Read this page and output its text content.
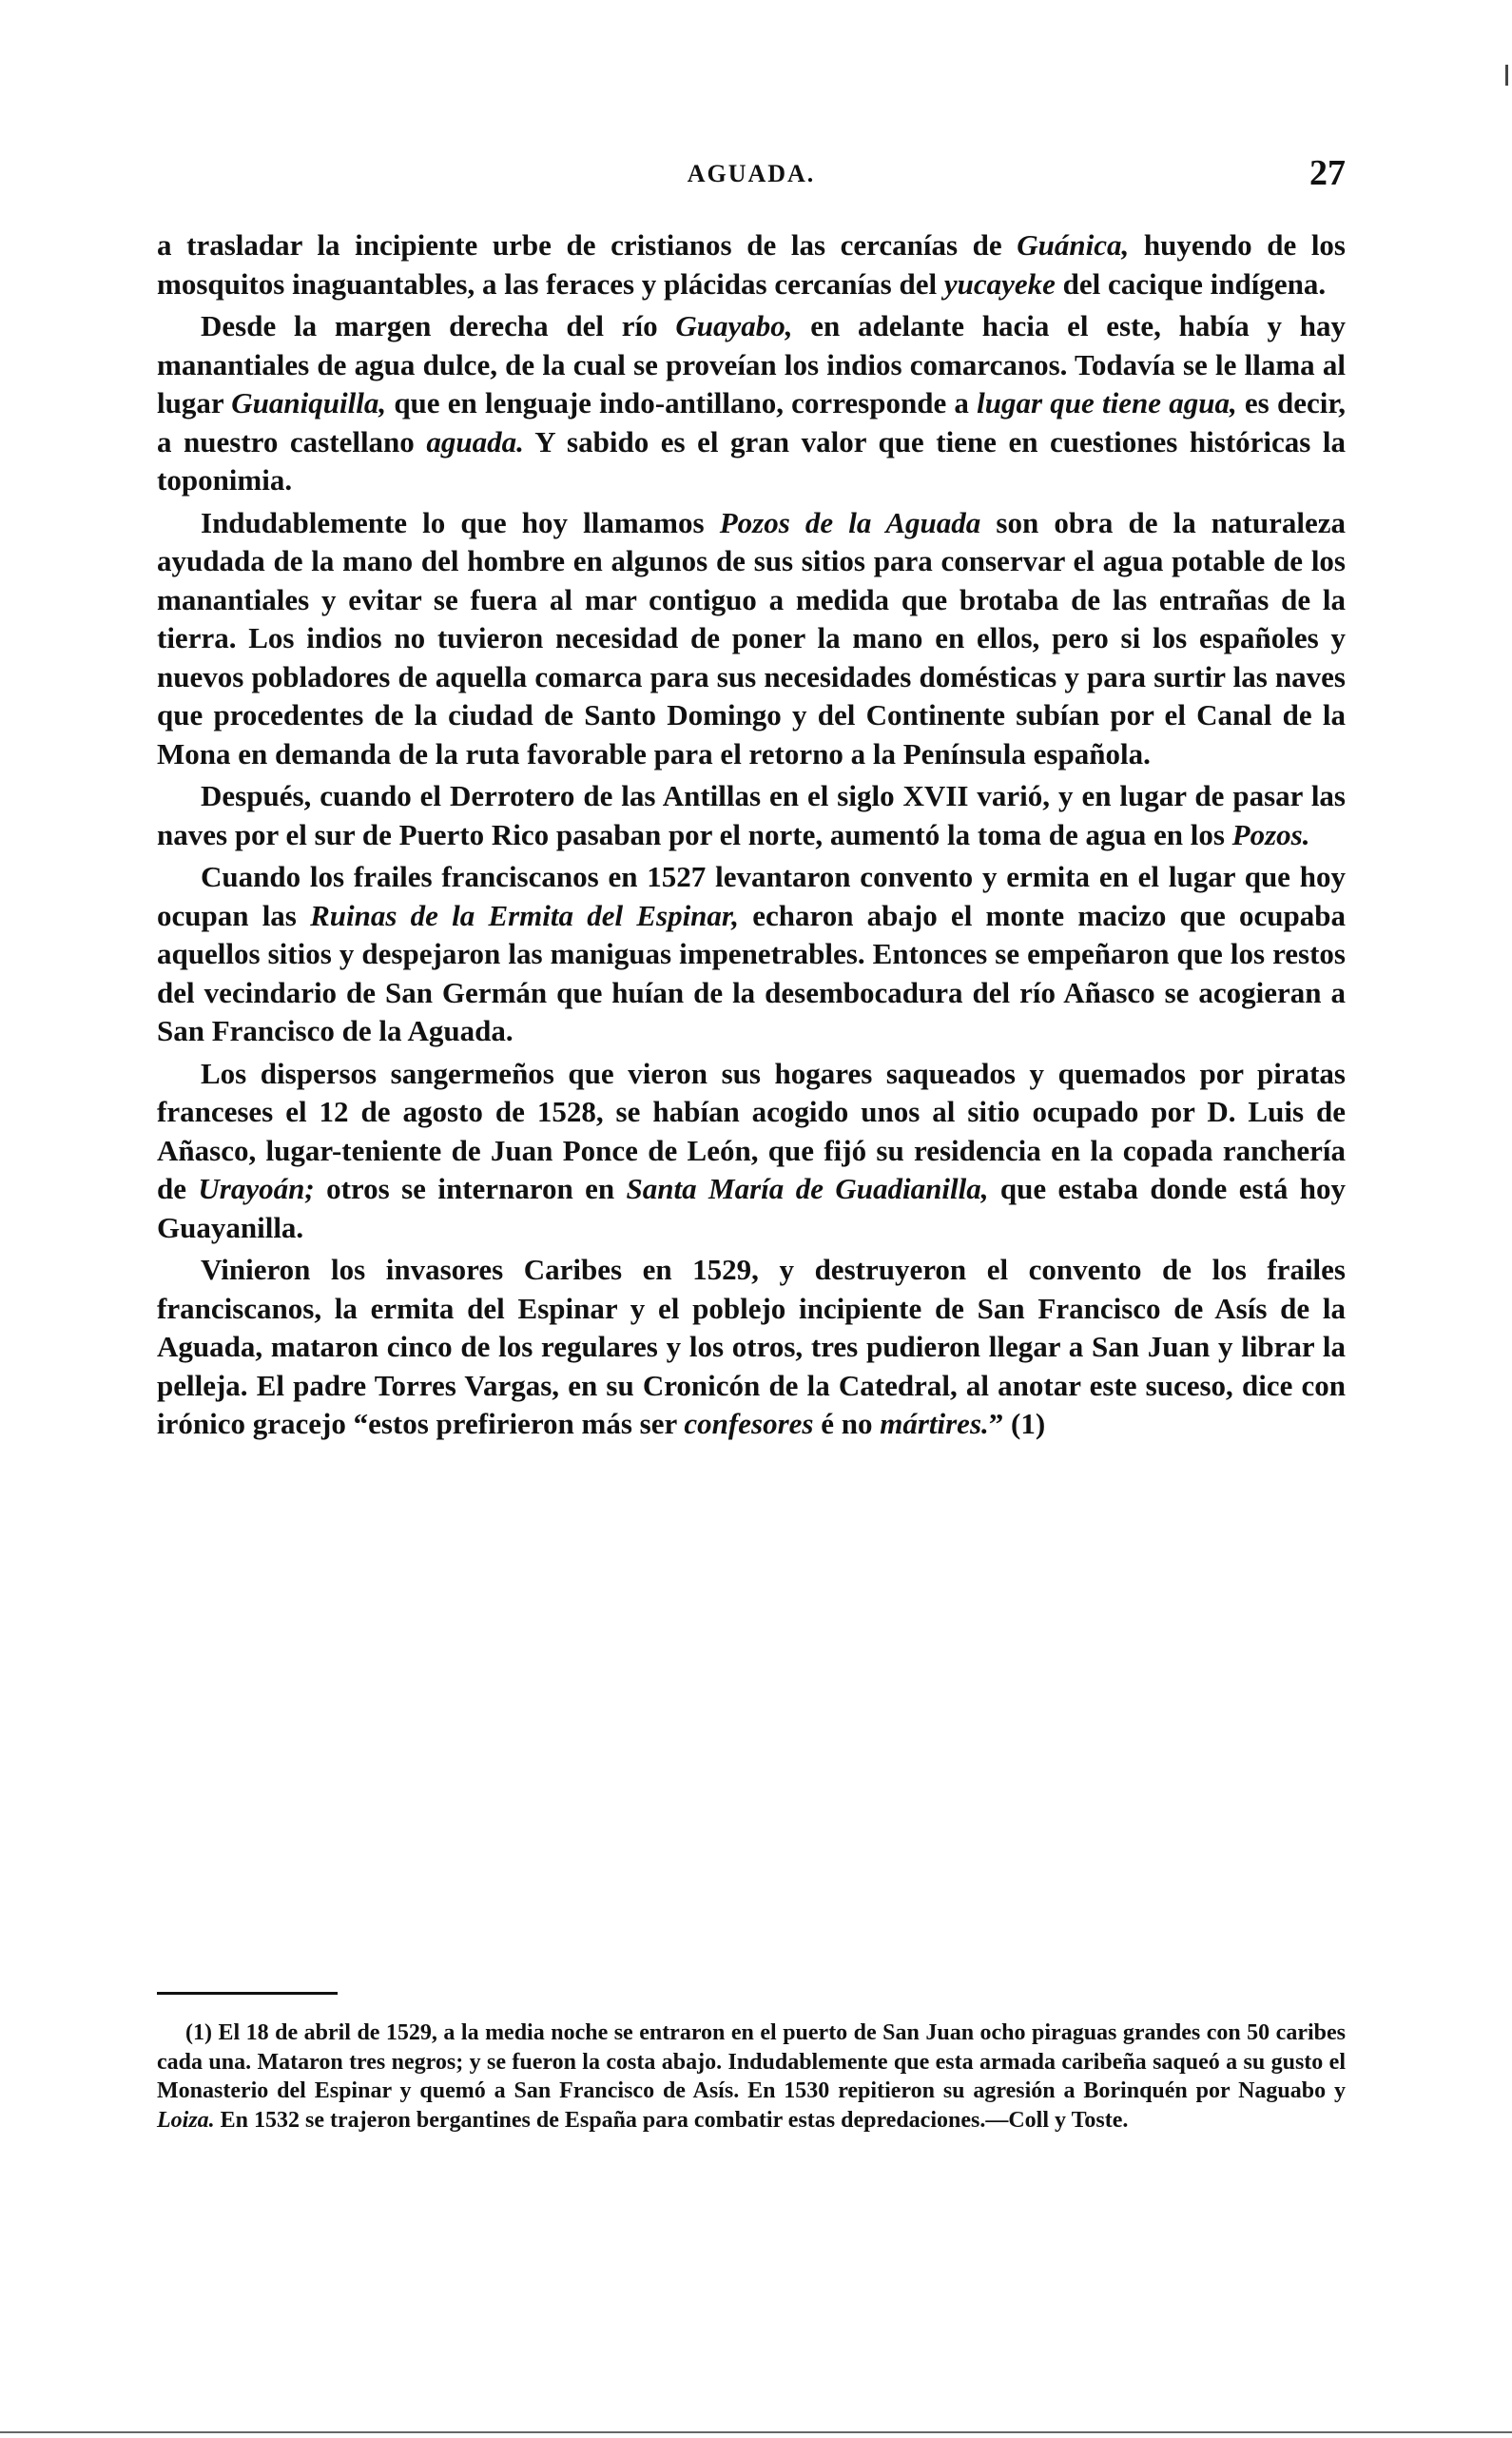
AGUADA.	27

a trasladar la incipiente urbe de cristianos de las cercanías de Guánica, huyendo de los mosquitos inaguantables, a las feraces y plácidas cercanías del yucayeke del cacique indígena.

Desde la margen derecha del río Guayabo, en adelante hacia el este, había y hay manantiales de agua dulce, de la cual se proveían los indios comarcanos. Todavía se le llama al lugar Guaniquilla, que en lenguaje indo-antillano, corresponde a lugar que tiene agua, es decir, a nuestro castellano aguada. Y sabido es el gran valor que tiene en cuestiones históricas la toponimia.

Indudablemente lo que hoy llamamos Pozos de la Aguada son obra de la naturaleza ayudada de la mano del hombre en algunos de sus sitios para conservar el agua potable de los manantiales y evitar se fuera al mar contiguo a medida que brotaba de las entrañas de la tierra. Los indios no tuvieron necesidad de poner la mano en ellos, pero si los españoles y nuevos pobladores de aquella comarca para sus necesidades domésticas y para surtir las naves que procedentes de la ciudad de Santo Domingo y del Continente subían por el Canal de la Mona en demanda de la ruta favorable para el retorno a la Península española.

Después, cuando el Derrotero de las Antillas en el siglo XVII varió, y en lugar de pasar las naves por el sur de Puerto Rico pasaban por el norte, aumentó la toma de agua en los Pozos.

Cuando los frailes franciscanos en 1527 levantaron convento y ermita en el lugar que hoy ocupan las Ruinas de la Ermita del Espinar, echaron abajo el monte macizo que ocupaba aquellos sitios y despejaron las maniguas impenetrables. Entonces se empeñaron que los restos del vecindario de San Germán que huían de la desembocadura del río Añasco se acogieran a San Francisco de la Aguada.

Los dispersos sangermeños que vieron sus hogares saqueados y quemados por piratas franceses el 12 de agosto de 1528, se habían acogido unos al sitio ocupado por D. Luis de Añasco, lugar-teniente de Juan Ponce de León, que fijó su residencia en la copada ranchería de Urayoán; otros se internaron en Santa María de Guadianilla, que estaba donde está hoy Guayanilla.

Vinieron los invasores Caribes en 1529, y destruyeron el convento de los frailes franciscanos, la ermita del Espinar y el poblejo incipiente de San Francisco de Asís de la Aguada, mataron cinco de los regulares y los otros, tres pudieron llegar a San Juan y librar la pelleja. El padre Torres Vargas, en su Cronicón de la Catedral, al anotar este suceso, dice con irónico gracejo “estos prefirieron más ser confesores é no mártires.” (1)

(1) El 18 de abril de 1529, a la media noche se entraron en el puerto de San Juan ocho piraguas grandes con 50 caribes cada una. Mataron tres negros; y se fueron la costa abajo. Indudablemente que esta armada caribeña saqueó a su gusto el Monasterio del Espinar y quemó a San Francisco de Asís. En 1530 repitieron su agresión a Borinquén por Naguabo y Loiza. En 1532 se trajeron bergantines de España para combatir estas depredaciones.—Coll y Toste.
